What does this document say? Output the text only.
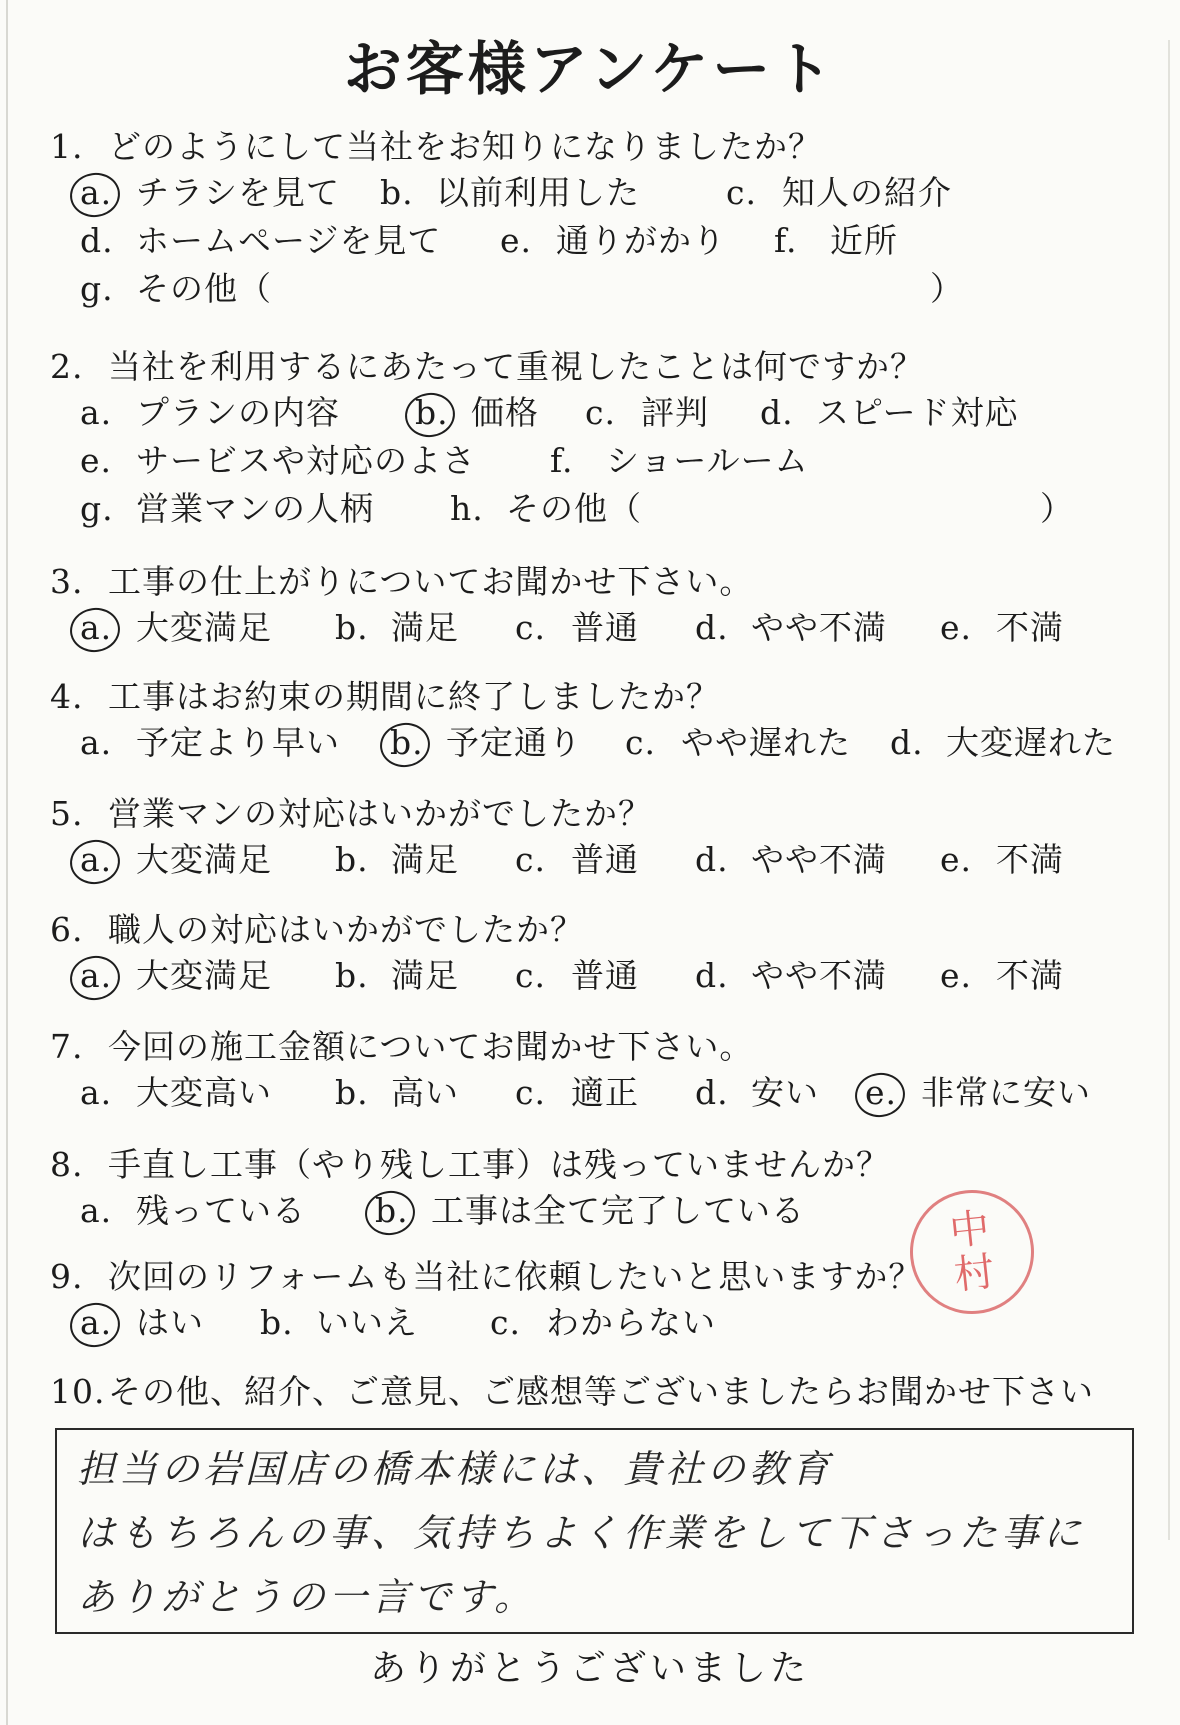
お客様アンケート
1. どのようにして当社をお知りになりましたか？
a. チラシを見て b. 以前利用した	c. 知人の紹介
d. ホームページを見て e. 通りがかり f. 近所
g. その他（	）
2. 当社を利用するにあたって重視したことは何ですか？
a. プランの内容 b. 価格 c. 評判 d. スピード対応
e. サービスや対応のよさ f. ショールーム
g. 営業マンの人柄 h. その他（	）
3. 工事の仕上がりについてお聞かせ下さい。
a. 大変満足 b. 満足 c. 普通 d. やや不満 e. 不満
4. 工事はお約束の期間に終了しましたか？
a. 予定より早い b. 予定通り c. やや遅れた d. 大変遅れた
5. 営業マンの対応はいかがでしたか？
a. 大変満足 b. 満足 c. 普通 d. やや不満 e. 不満
6. 職人の対応はいかがでしたか？
a. 大変満足 b. 満足 c. 普通 d. やや不満 e. 不満
7. 今回の施工金額についてお聞かせ下さい。
a. 大変高い b. 高い c. 適正 d. 安い e. 非常に安い
8. 手直し工事（やり残し工事）は残っていませんか？
a. 残っている b. 工事は全て完了している
9. 次回のリフォームも当社に依頼したいと思いますか？
a. はい b. いいえ c. わからない
10.その他、紹介、ご意見、ご感想等ございましたらお聞かせ下さい
担当の岩国店の橋本様には、貴社の教育
はもちろんの事、気持ちよく作業をして下さった事に
ありがとうの一言です。
中
村
ありがとうございました
